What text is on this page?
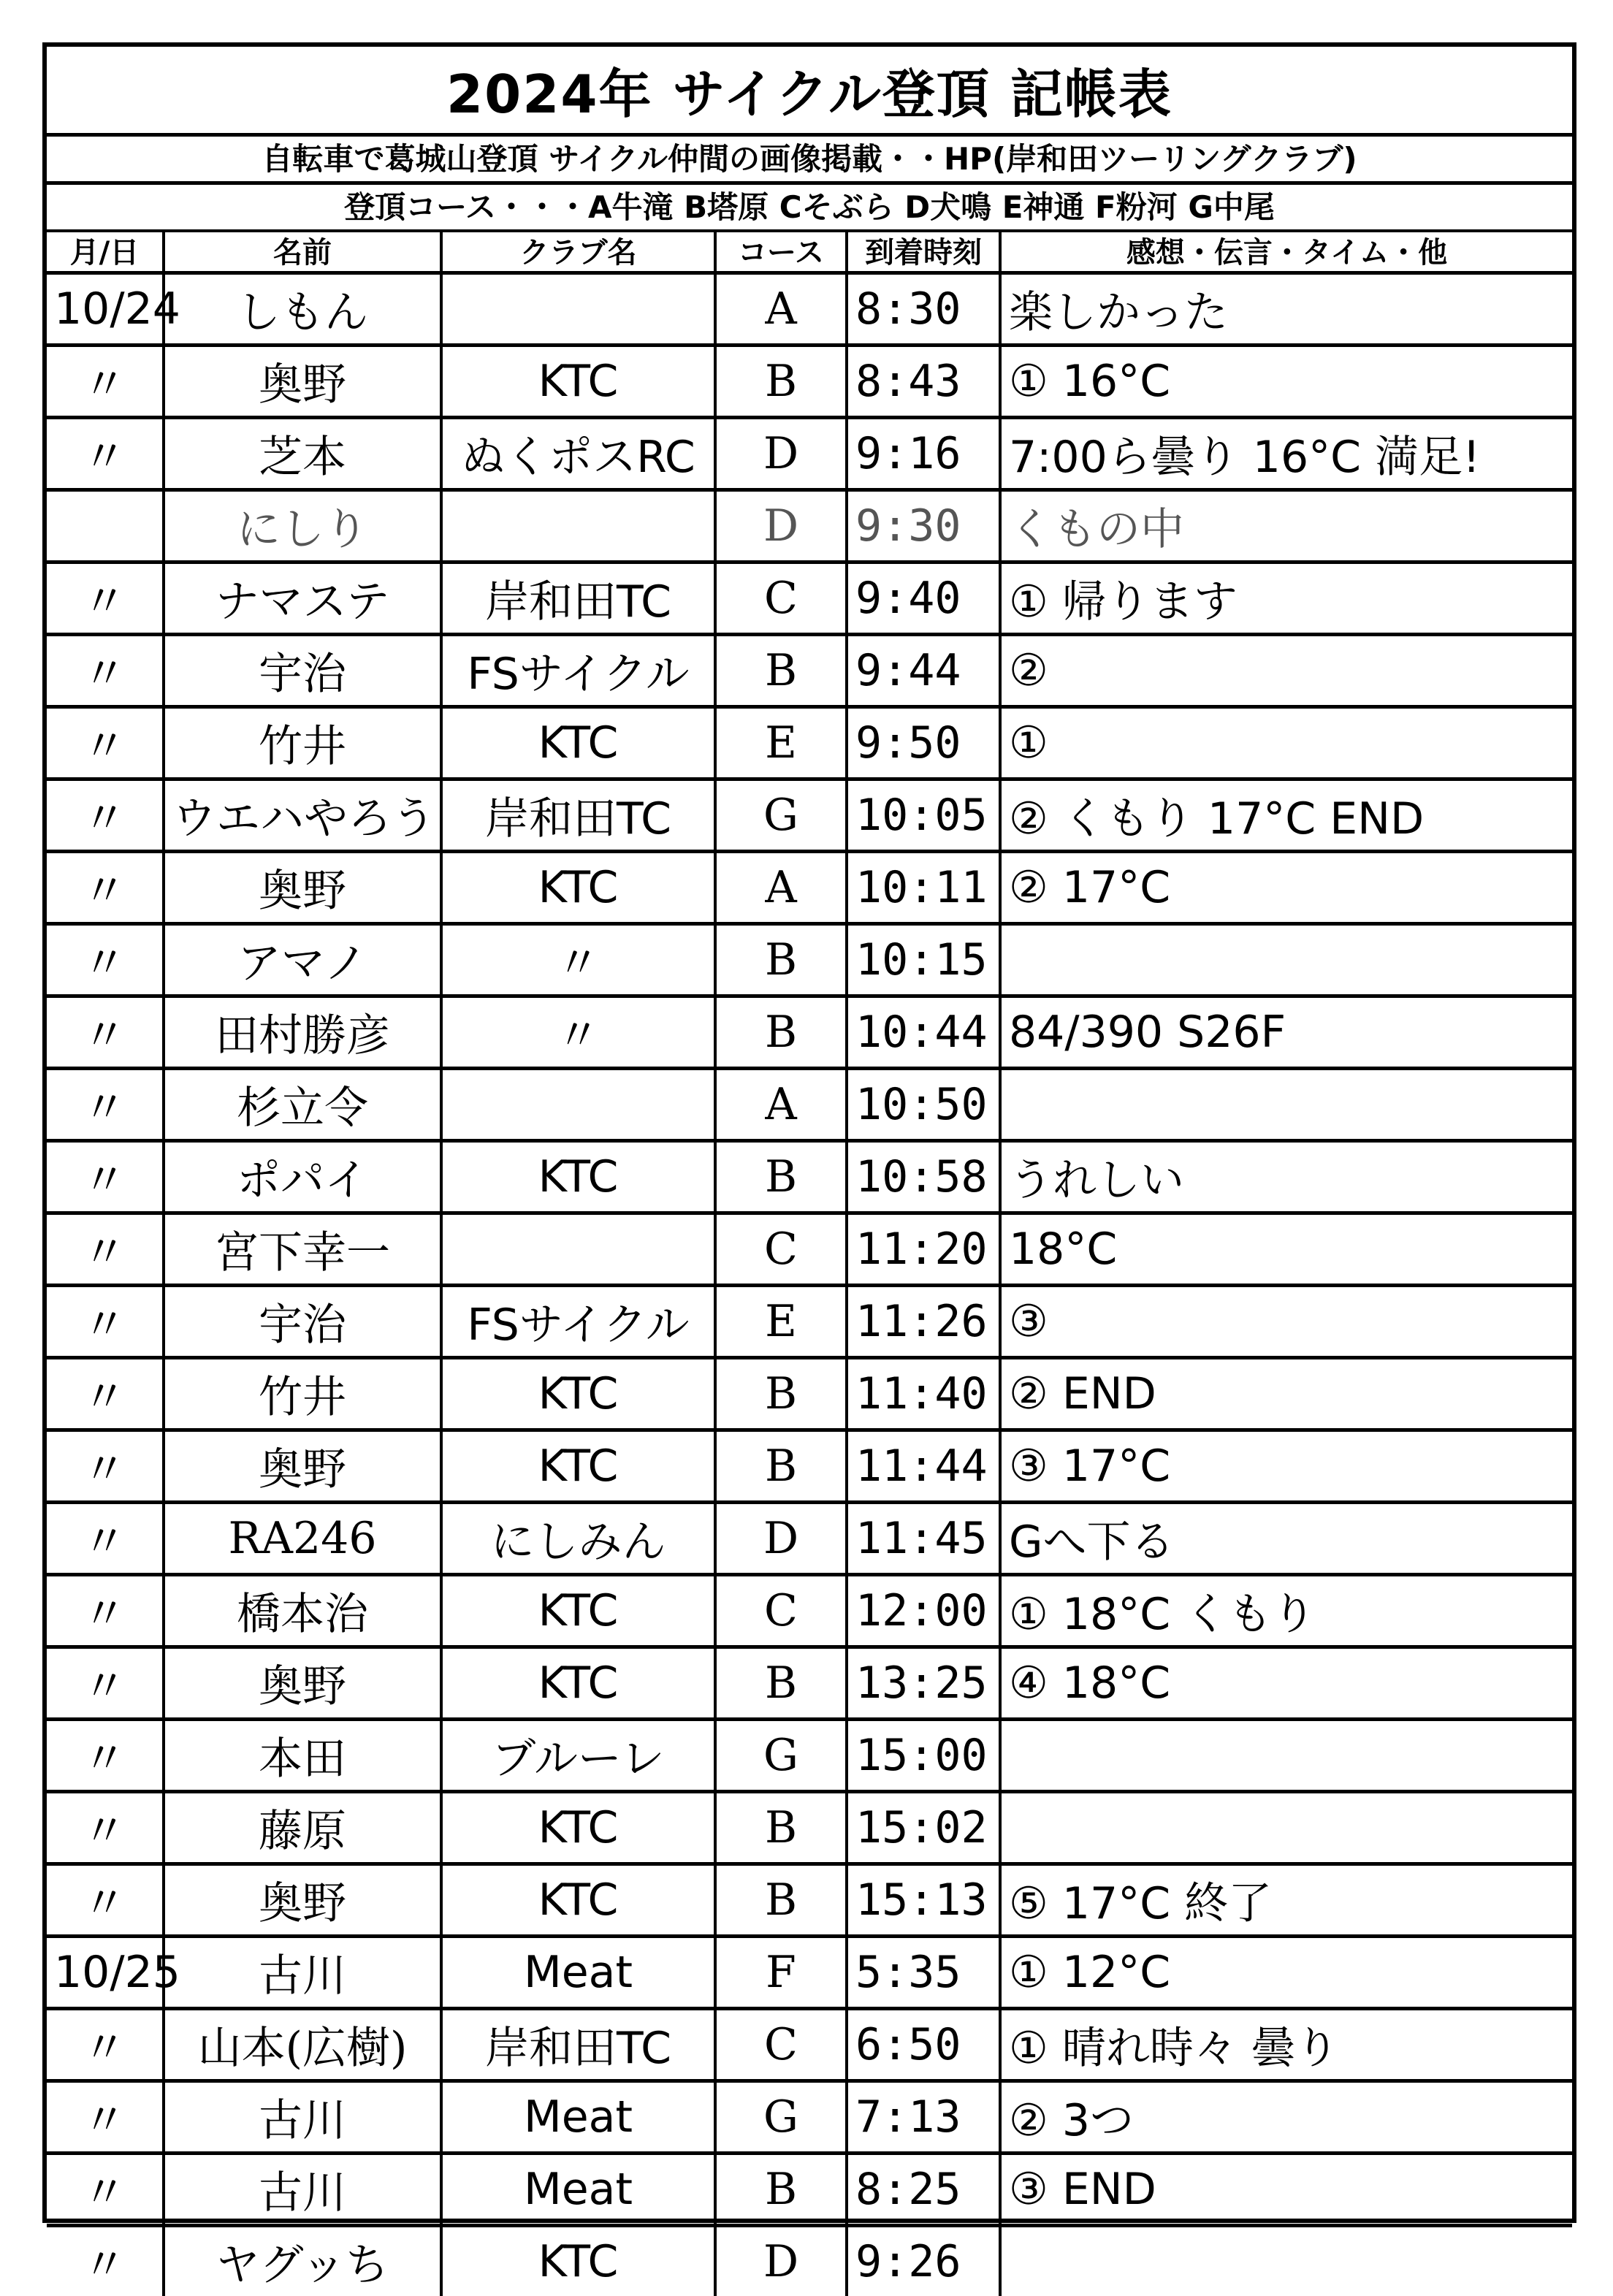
2024年 サイクル登頂 記帳表
自転車で葛城山登頂 サイクル仲間の画像掲載・・HP(岸和田ツーリングクラブ)
登頂コース・・・A牛滝 B塔原 Cそぶら D犬鳴 E神通 F粉河 G中尾
月/日	名前	クラブ名	コース	到着時刻	感想・伝言・タイム・他
10/24	しもん		A	8:30	楽しかった
〃	奥野	KTC	B	8:43	① 16°C
〃	芝本	ぬくポスRC	D	9:16	7:00ら曇り 16°C 満足!
	にしり		D	9:30	くもの中
〃	ナマステ	岸和田TC	C	9:40	① 帰ります
〃	宇治	FSサイクル	B	9:44	②
〃	竹井	KTC	E	9:50	①
〃	ウエハやろう	岸和田TC	G	10:05	② くもり 17°C END
〃	奥野	KTC	A	10:11	② 17°C
〃	アマノ	〃	B	10:15	
〃	田村勝彦	〃	B	10:44	84/390 S26F
〃	杉立令		A	10:50	
〃	ポパイ	KTC	B	10:58	うれしい
〃	宮下幸一		C	11:20	18°C
〃	宇治	FSサイクル	E	11:26	③
〃	竹井	KTC	B	11:40	② END
〃	奥野	KTC	B	11:44	③ 17°C
〃	RA246	にしみん	D	11:45	Gへ下る
〃	橋本治	KTC	C	12:00	① 18°C くもり
〃	奥野	KTC	B	13:25	④ 18°C
〃	本田	ブルーレ	G	15:00	
〃	藤原	KTC	B	15:02	
〃	奥野	KTC	B	15:13	⑤ 17°C 終了
10/25	古川	Meat	F	5:35	① 12°C
〃	山本(広樹)	岸和田TC	C	6:50	① 晴れ時々 曇り
〃	古川	Meat	G	7:13	② 3つ
〃	古川	Meat	B	8:25	③ END
〃	ヤグッち	KTC	D	9:26	
